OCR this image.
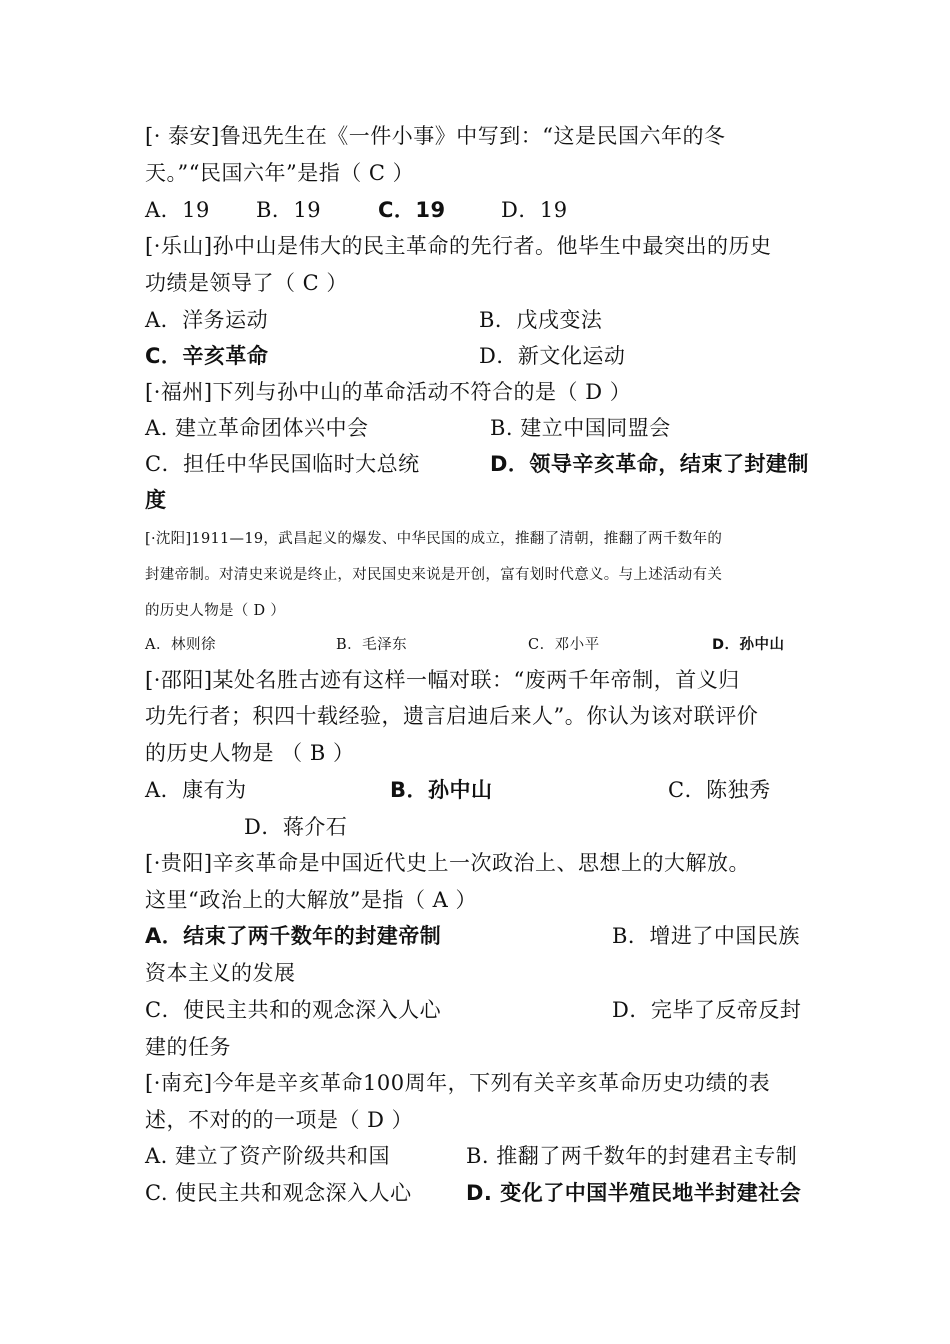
[· 泰安]鲁迅先生在《一件小事》中写到：“这是民国六年的冬
天。”“民国六年”是指（ C ）
A．19 B．19	C．19	D．19
[·乐山]孙中山是伟大的民主革命的先行者。他毕生中最突出的历史
功绩是领导了（ C ）
A．洋务运动	B．戊戌变法
C．辛亥革命	D．新文化运动
[·福州]下列与孙中山的革命活动不符合的是（ D ）
A. 建立革命团体兴中会	B. 建立中国同盟会
C．担任中华民国临时大总统	D．领导辛亥革命，结束了封建制
度
[·沈阳]1911—19，武昌起义的爆发、中华民国的成立，推翻了清朝，推翻了两千数年的
封建帝制。对清史来说是终止，对民国史来说是开创，富有划时代意义。与上述活动有关
的历史人物是（ D ）
A．林则徐	B．毛泽东	C．邓小平	D．孙中山
[·邵阳]某处名胜古迹有这样一幅对联：“废两千年帝制，首义归
功先行者；积四十载经验，遗言启迪后来人”。你认为该对联评价
的历史人物是 （ B ）
A．康有为	B．孙中山	C．陈独秀
D．蒋介石
[·贵阳]辛亥革命是中国近代史上一次政治上、思想上的大解放。
这里“政治上的大解放”是指（ A ）
A．结束了两千数年的封建帝制	B．增进了中国民族
资本主义的发展
C．使民主共和的观念深入人心	D．完毕了反帝反封
建的任务
[·南充]今年是辛亥革命100周年，下列有关辛亥革命历史功绩的表
述，不对的的一项是（ D ）
A. 建立了资产阶级共和国	B. 推翻了两千数年的封建君主专制
C. 使民主共和观念深入人心	D. 变化了中国半殖民地半封建社会
